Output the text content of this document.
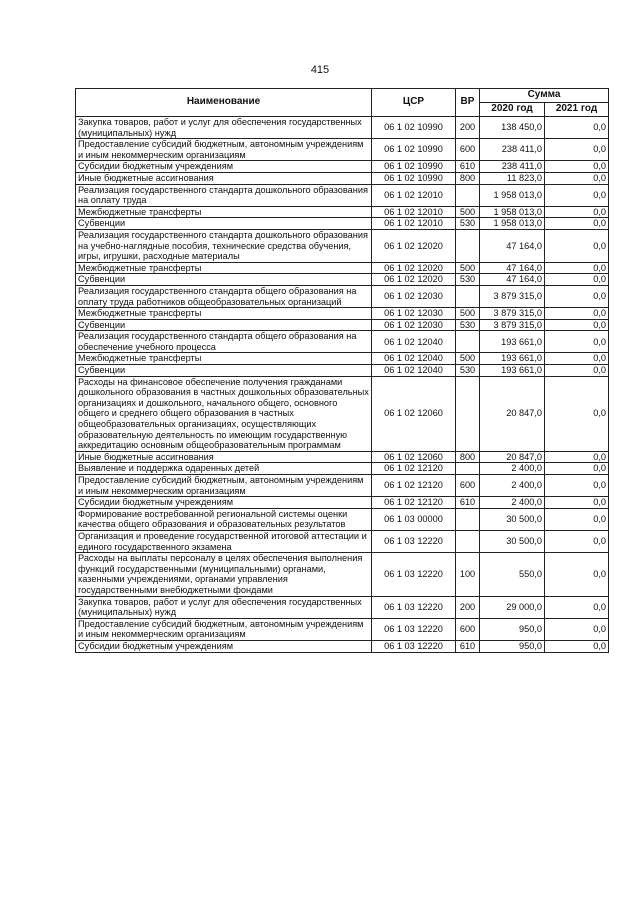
415
Наименование	ЦСР	ВР	Сумма	
			2020 год	2021 год
Закупка товаров, работ и услуг для обеспечения государственных (муниципальных) нужд	06 1 02 10990	200	138 450,0	0,0
Предоставление субсидий бюджетным, автономным учреждениям и иным некоммерческим организациям	06 1 02 10990	600	238 411,0	0,0
Субсидии бюджетным учреждениям	06 1 02 10990	610	238 411,0	0,0
Иные бюджетные ассигнования	06 1 02 10990	800	11 823,0	0,0
Реализация государственного стандарта дошкольного образования на оплату труда	06 1 02 12010		1 958 013,0	0,0
Межбюджетные трансферты	06 1 02 12010	500	1 958 013,0	0,0
Субвенции	06 1 02 12010	530	1 958 013,0	0,0
Реализация государственного стандарта дошкольного образования на учебно-наглядные пособия, технические средства обучения, игры, игрушки, расходные материалы	06 1 02 12020		47 164,0	0,0
Межбюджетные трансферты	06 1 02 12020	500	47 164,0	0,0
Субвенции	06 1 02 12020	530	47 164,0	0,0
Реализация государственного стандарта общего образования на оплату труда работников общеобразовательных организаций	06 1 02 12030		3 879 315,0	0,0
Межбюджетные трансферты	06 1 02 12030	500	3 879 315,0	0,0
Субвенции	06 1 02 12030	530	3 879 315,0	0,0
Реализация государственного стандарта общего образования на обеспечение учебного процесса	06 1 02 12040		193 661,0	0,0
Межбюджетные трансферты	06 1 02 12040	500	193 661,0	0,0
Субвенции	06 1 02 12040	530	193 661,0	0,0
Расходы на финансовое обеспечение получения гражданами дошкольного образования в частных дошкольных образовательных организациях и дошкольного, начального общего, основного общего и среднего общего образования в частных общеобразовательных организациях, осуществляющих образовательную деятельность по имеющим государственную аккредитацию основным общеобразовательным программам	06 1 02 12060		20 847,0	0,0
Иные бюджетные ассигнования	06 1 02 12060	800	20 847,0	0,0
Выявление и поддержка одаренных детей	06 1 02 12120		2 400,0	0,0
Предоставление субсидий бюджетным, автономным учреждениям и иным некоммерческим организациям	06 1 02 12120	600	2 400,0	0,0
Субсидии бюджетным учреждениям	06 1 02 12120	610	2 400,0	0,0
Формирование востребованной региональной системы оценки качества общего образования и образовательных результатов	06 1 03 00000		30 500,0	0,0
Организация и проведение государственной итоговой аттестации и единого государственного экзамена	06 1 03 12220		30 500,0	0,0
Расходы на выплаты персоналу в целях обеспечения выполнения функций государственными (муниципальными) органами, казенными учреждениями, органами управления государственными внебюджетными фондами	06 1 03 12220	100	550,0	0,0
Закупка товаров, работ и услуг для обеспечения государственных (муниципальных) нужд	06 1 03 12220	200	29 000,0	0,0
Предоставление субсидий бюджетным, автономным учреждениям и иным некоммерческим организациям	06 1 03 12220	600	950,0	0,0
Субсидии бюджетным учреждениям	06 1 03 12220	610	950,0	0,0
